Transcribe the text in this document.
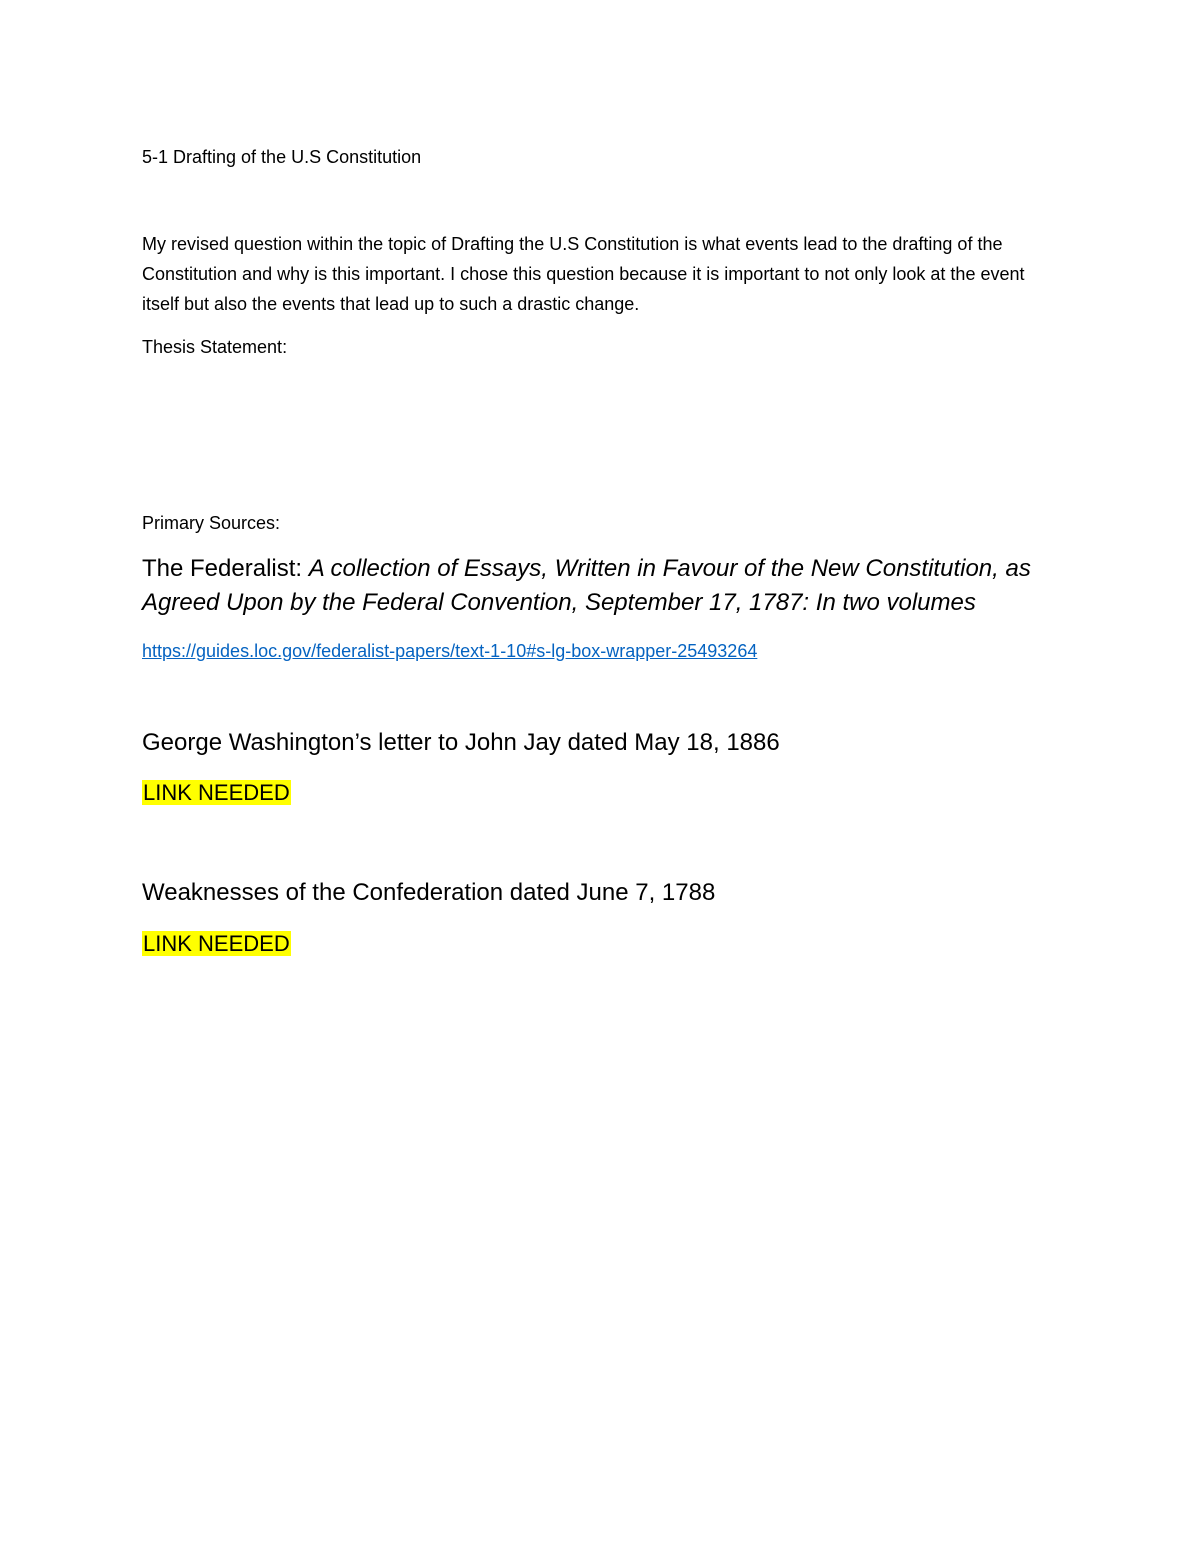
5-1 Drafting of the U.S Constitution

My revised question within the topic of Drafting the U.S Constitution is what events lead to the drafting of the Constitution and why is this important. I chose this question because it is important to not only look at the event itself but also the events that lead up to such a drastic change.

Thesis Statement:

Primary Sources:

The Federalist: A collection of Essays, Written in Favour of the New Constitution, as Agreed Upon by the Federal Convention, September 17, 1787: In two volumes

https://guides.loc.gov/federalist-papers/text-1-10#s-lg-box-wrapper-25493264

George Washington’s letter to John Jay dated May 18, 1886

LINK NEEDED

Weaknesses of the Confederation dated June 7, 1788

LINK NEEDED
